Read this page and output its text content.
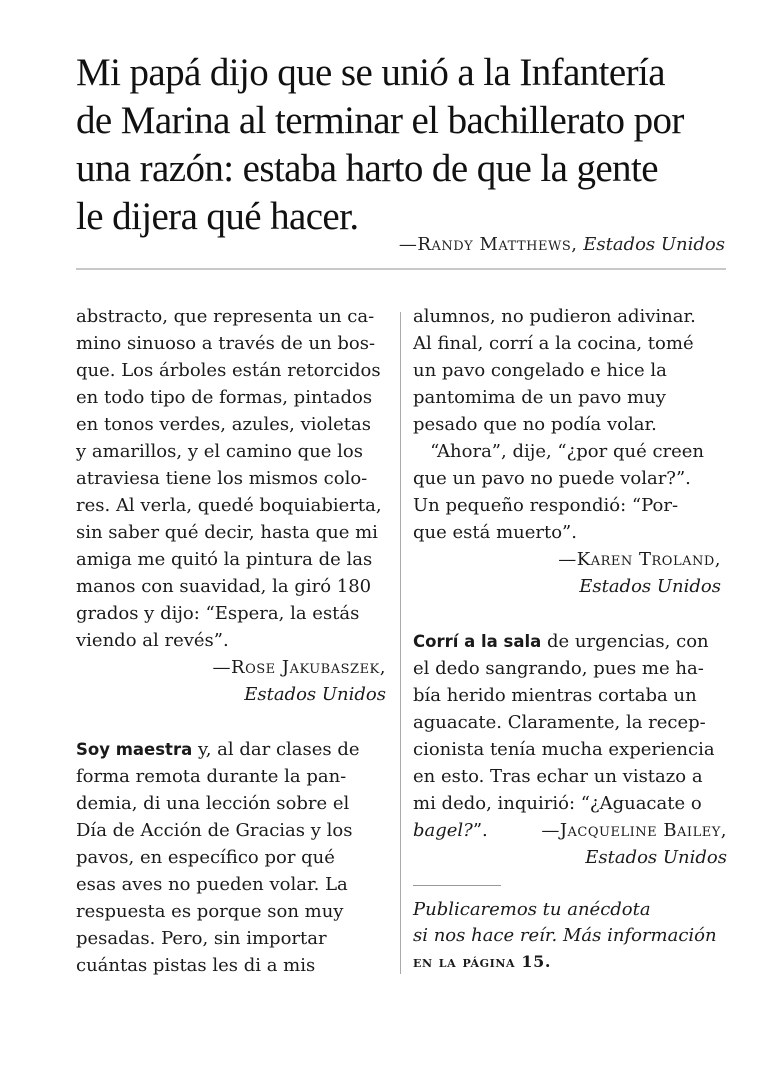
Mi papá dijo que se unió a la Infantería
de Marina al terminar el bachillerato por
una razón: estaba harto de que la gente
le dijera qué hacer.
—Randy Matthews, Estados Unidos
abstracto, que representa un ca-
mino sinuoso a través de un bos-
que. Los árboles están retorcidos
en todo tipo de formas, pintados
en tonos verdes, azules, violetas
y amarillos, y el camino que los
atraviesa tiene los mismos colo-
res. Al verla, quedé boquiabierta,
sin saber qué decir, hasta que mi
amiga me quitó la pintura de las
manos con suavidad, la giró 180
grados y dijo: “Espera, la estás
viendo al revés”.
—Rose Jakubaszek,
Estados Unidos
Soy maestra y, al dar clases de
forma remota durante la pan-
demia, di una lección sobre el
Día de Acción de Gracias y los
pavos, en específico por qué
esas aves no pueden volar. La
respuesta es porque son muy
pesadas. Pero, sin importar
cuántas pistas les di a mis
alumnos, no pudieron adivinar.
Al final, corrí a la cocina, tomé
un pavo congelado e hice la
pantomima de un pavo muy
pesado que no podía volar.
“Ahora”, dije, “¿por qué creen
que un pavo no puede volar?”.
Un pequeño respondió: “Por-
que está muerto”.
—Karen Troland,
Estados Unidos
Corrí a la sala de urgencias, con
el dedo sangrando, pues me ha-
bía herido mientras cortaba un
aguacate. Claramente, la recep-
cionista tenía mucha experiencia
en esto. Tras echar un vistazo a
mi dedo, inquirió: “¿Aguacate o
bagel?”.	—Jacqueline Bailey,
Estados Unidos
Publicaremos tu anécdota
si nos hace reír. Más información
en la página 15.
